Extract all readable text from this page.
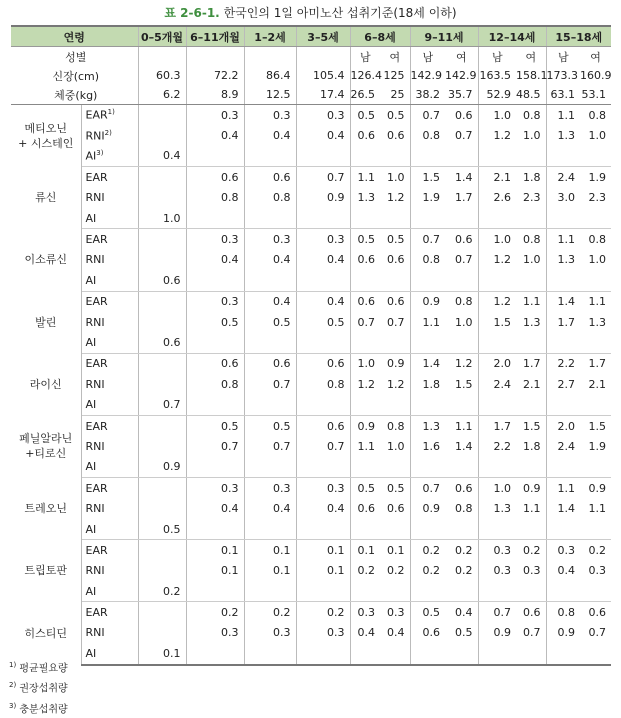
표 2-6-1. 한국인의 1일 아미노산 섭취기준(18세 이하)
연령		0–5개월	6–11개월	1–2세	3–5세	6–8세		9–11세		12–14세		15–18세	
성별						남	여	남	여	남	여	남	여
신장(cm)		60.3	72.2	86.4	105.4	126.4	125	142.9	142.9	163.5	158.1	173.3	160.9
체중(kg)		6.2	8.9	12.5	17.4	26.5	25	38.2	35.7	52.9	48.5	63.1	53.1

메티오닌
+ 시스테인	EAR$^{1)}$		0.3	0.3	0.3	0.5	0.5	0.7	0.6	1.0	0.8	1.1	0.8
	RNI$^{2)}$		0.4	0.4	0.4	0.6	0.6	0.8	0.7	1.2	1.0	1.3	1.0
	AI$^{3)}$	0.4											

류신	EAR		0.6	0.6	0.7	1.1	1.0	1.5	1.4	2.1	1.8	2.4	1.9
	RNI		0.8	0.8	0.9	1.3	1.2	1.9	1.7	2.6	2.3	3.0	2.3
	AI	1.0											

이소류신	EAR		0.3	0.3	0.3	0.5	0.5	0.7	0.6	1.0	0.8	1.1	0.8
	RNI		0.4	0.4	0.4	0.6	0.6	0.8	0.7	1.2	1.0	1.3	1.0
	AI	0.6											

발린	EAR		0.3	0.4	0.4	0.6	0.6	0.9	0.8	1.2	1.1	1.4	1.1
	RNI		0.5	0.5	0.5	0.7	0.7	1.1	1.0	1.5	1.3	1.7	1.3
	AI	0.6											

라이신	EAR		0.6	0.6	0.6	1.0	0.9	1.4	1.2	2.0	1.7	2.2	1.7
	RNI		0.8	0.7	0.8	1.2	1.2	1.8	1.5	2.4	2.1	2.7	2.1
	AI	0.7											

페닐알라닌
+티로신	EAR		0.5	0.5	0.6	0.9	0.8	1.3	1.1	1.7	1.5	2.0	1.5
	RNI		0.7	0.7	0.7	1.1	1.0	1.6	1.4	2.2	1.8	2.4	1.9
	AI	0.9											

트레오닌	EAR		0.3	0.3	0.3	0.5	0.5	0.7	0.6	1.0	0.9	1.1	0.9
	RNI		0.4	0.4	0.4	0.6	0.6	0.9	0.8	1.3	1.1	1.4	1.1
	AI	0.5											

트립토판	EAR		0.1	0.1	0.1	0.1	0.1	0.2	0.2	0.3	0.2	0.3	0.2
	RNI		0.1	0.1	0.1	0.2	0.2	0.2	0.2	0.3	0.3	0.4	0.3
	AI	0.2											

히스티딘	EAR		0.2	0.2	0.2	0.3	0.3	0.5	0.4	0.7	0.6	0.8	0.6
	RNI		0.3	0.3	0.3	0.4	0.4	0.6	0.5	0.9	0.7	0.9	0.7
	AI	0.1											
$^{1)}$ 평균필요량
$^{2)}$ 권장섭취량
$^{3)}$ 충분섭취량
